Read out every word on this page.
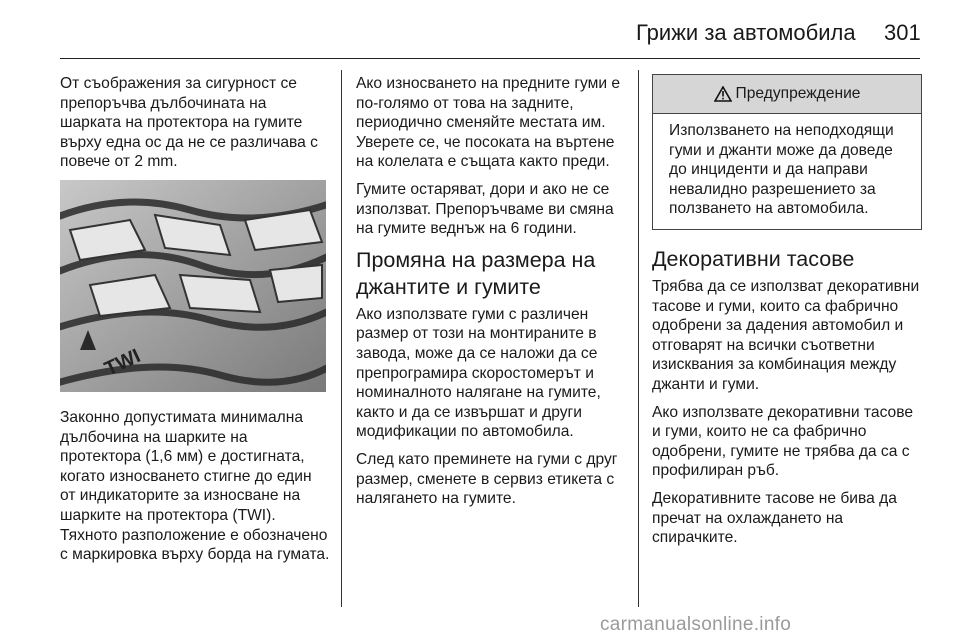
Грижи за автомобила 301

От съображения за сигурност се препоръчва дълбочината на шарката на протектора на гумите върху една ос да не се различава с повече от 2 mm.

TWI

Законно допустимата минимална дълбочина на шарките на протектора (1,6 мм) е достигната, когато износването стигне до един от индикаторите за износване на шарките на протектора (TWI). Тяхното разположение е обозначено с маркировка върху борда на гумата.

Ако износването на предните гуми е по-голямо от това на задните, периодично сменяйте местата им. Уверете се, че посоката на въртене на колелата е същата както преди.

Гумите остаряват, дори и ако не се използват. Препоръчваме ви смяна на гумите веднъж на 6 години.

Промяна на размера на джантите и гумите

Ако използвате гуми с различен размер от този на монтираните в завода, може да се наложи да се препрограмира скоростомерът и номиналното налягане на гумите, както и да се извършат и други модификации по автомобила.

След като преминете на гуми с друг размер, сменете в сервиз етикета с налягането на гумите.

Предупреждение
Използването на неподходящи гуми и джанти може да доведе до инциденти и да направи невалидно разрешението за ползването на автомобила.
Декоративни тасове

Трябва да се използват декоративни тасове и гуми, които са фабрично одобрени за дадения автомобил и отговарят на всички съответни изисквания за комбинация между джанти и гуми.

Ако използвате декоративни тасове и гуми, които не са фабрично одобрени, гумите не трябва да са с профилиран ръб.

Декоративните тасове не бива да пречат на охлаждането на спирачките.

carmanualsonline.info
